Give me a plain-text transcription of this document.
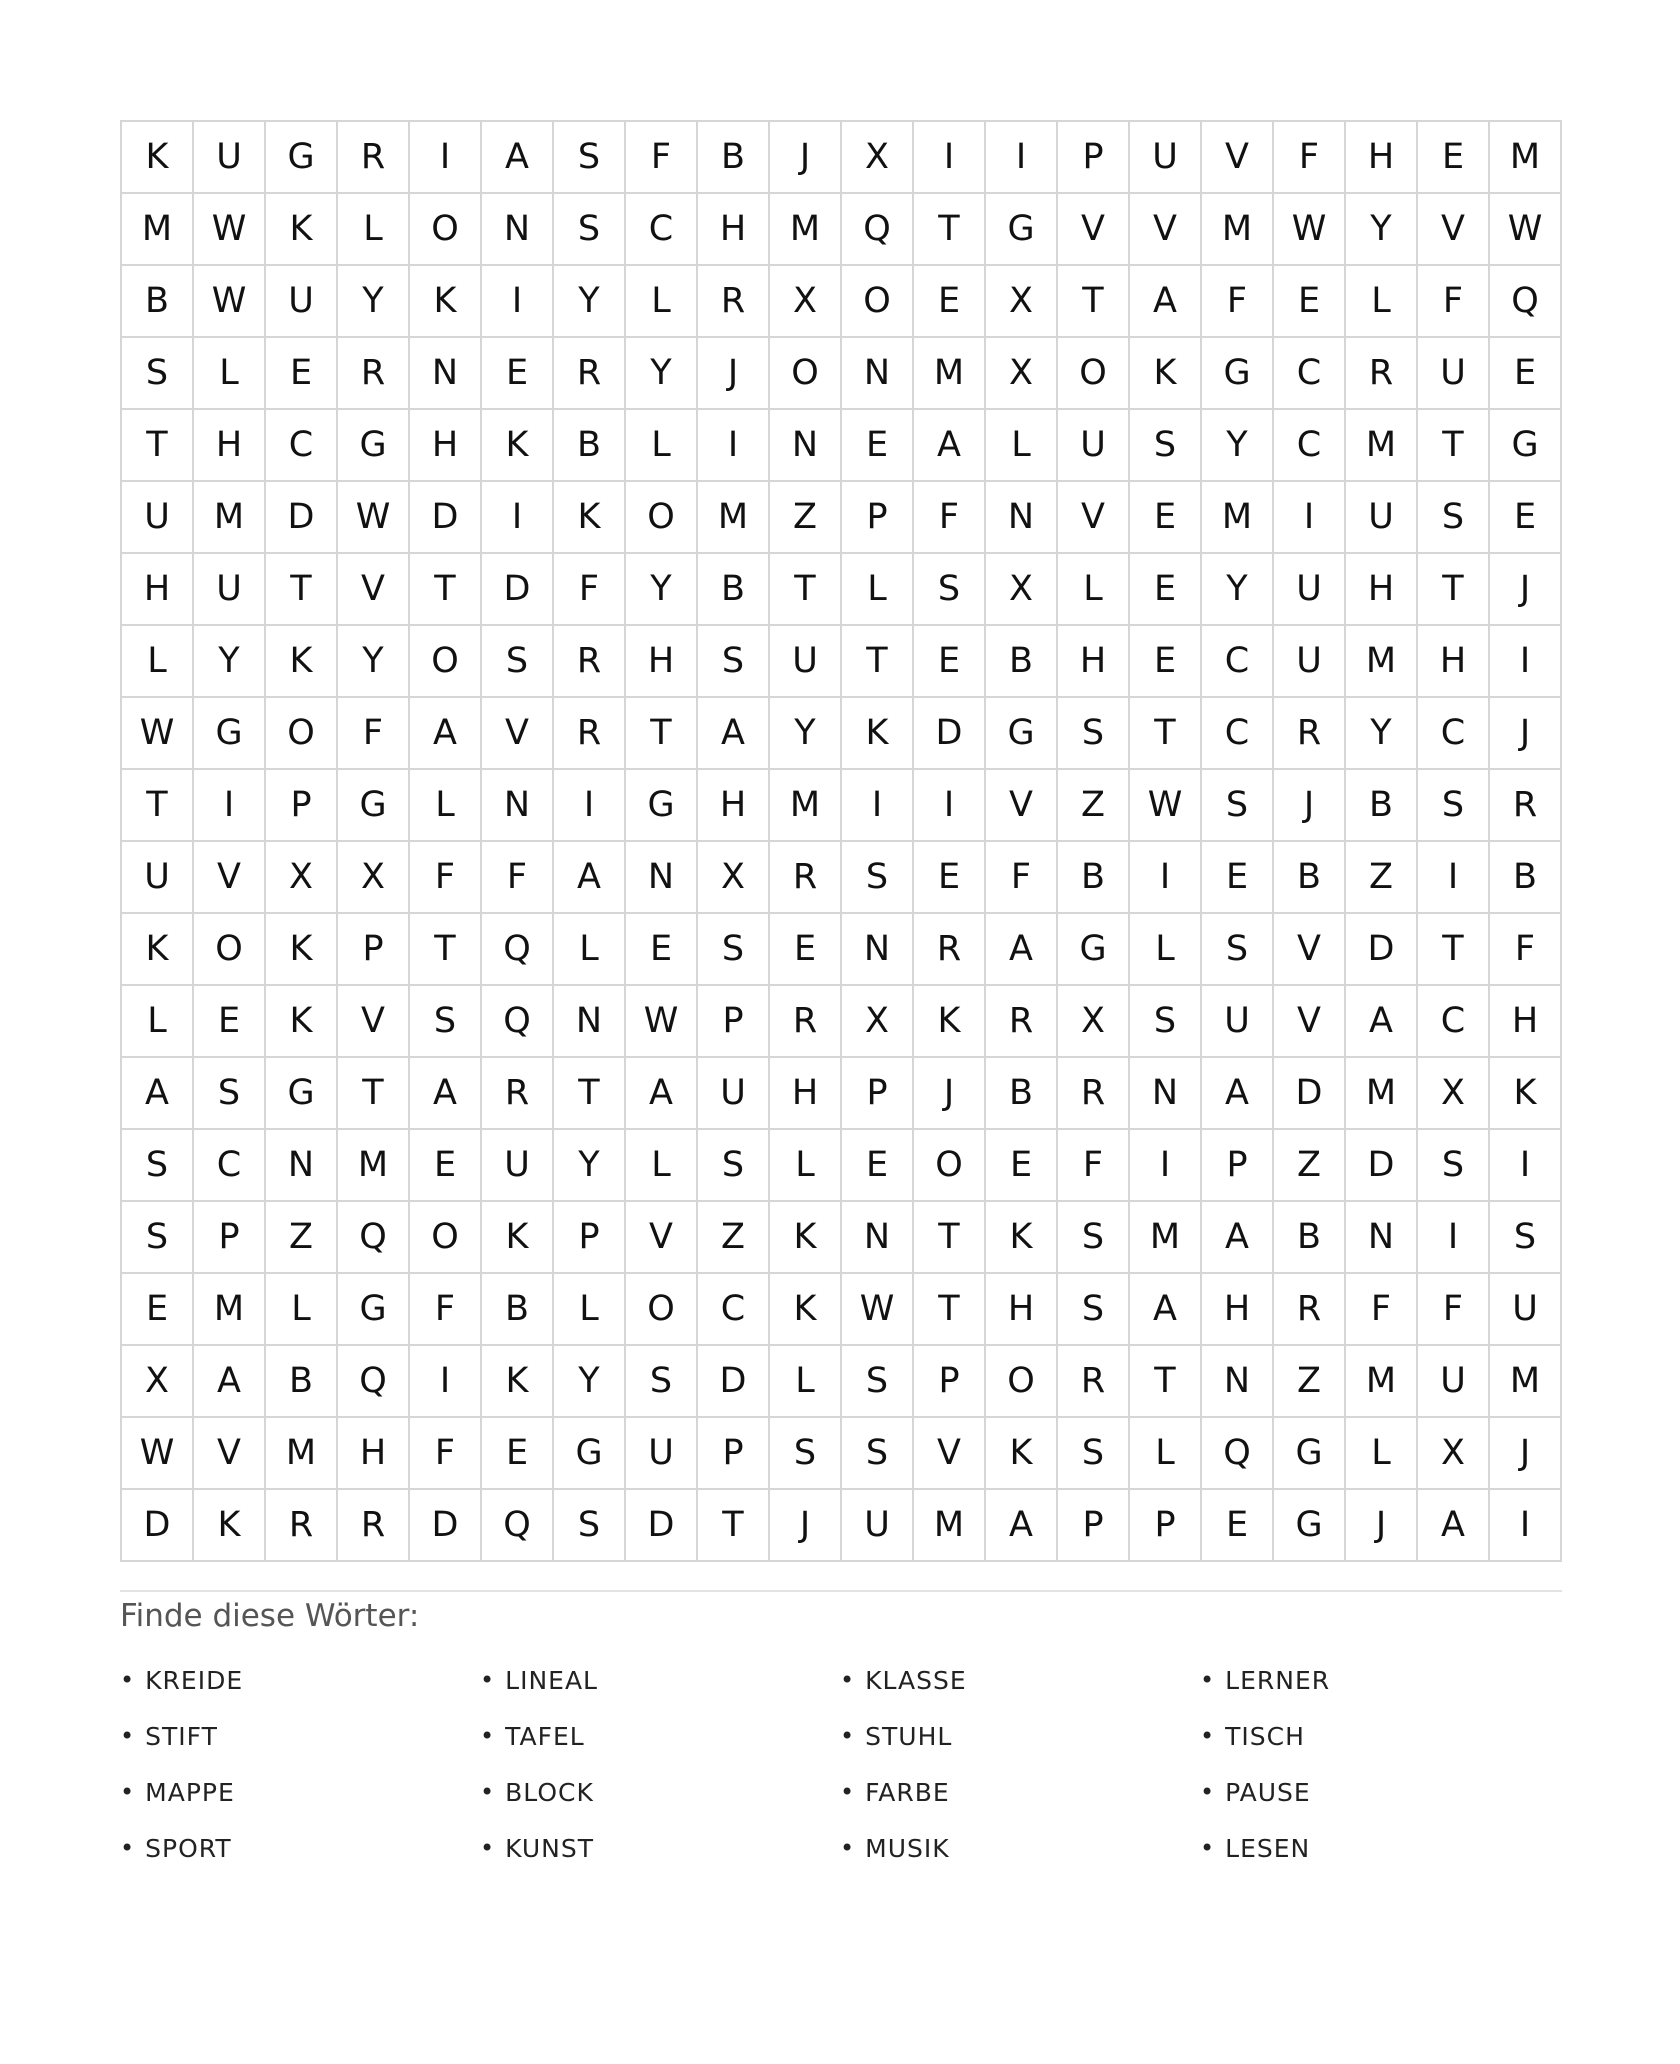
K	U	G	R	I	A	S	F	B	J	X	I	I	P	U	V	F	H	E	M
M	W	K	L	O	N	S	C	H	M	Q	T	G	V	V	M	W	Y	V	W
B	W	U	Y	K	I	Y	L	R	X	O	E	X	T	A	F	E	L	F	Q
S	L	E	R	N	E	R	Y	J	O	N	M	X	O	K	G	C	R	U	E
T	H	C	G	H	K	B	L	I	N	E	A	L	U	S	Y	C	M	T	G
U	M	D	W	D	I	K	O	M	Z	P	F	N	V	E	M	I	U	S	E
H	U	T	V	T	D	F	Y	B	T	L	S	X	L	E	Y	U	H	T	J
L	Y	K	Y	O	S	R	H	S	U	T	E	B	H	E	C	U	M	H	I
W	G	O	F	A	V	R	T	A	Y	K	D	G	S	T	C	R	Y	C	J
T	I	P	G	L	N	I	G	H	M	I	I	V	Z	W	S	J	B	S	R
U	V	X	X	F	F	A	N	X	R	S	E	F	B	I	E	B	Z	I	B
K	O	K	P	T	Q	L	E	S	E	N	R	A	G	L	S	V	D	T	F
L	E	K	V	S	Q	N	W	P	R	X	K	R	X	S	U	V	A	C	H
A	S	G	T	A	R	T	A	U	H	P	J	B	R	N	A	D	M	X	K
S	C	N	M	E	U	Y	L	S	L	E	O	E	F	I	P	Z	D	S	I
S	P	Z	Q	O	K	P	V	Z	K	N	T	K	S	M	A	B	N	I	S
E	M	L	G	F	B	L	O	C	K	W	T	H	S	A	H	R	F	F	U
X	A	B	Q	I	K	Y	S	D	L	S	P	O	R	T	N	Z	M	U	M
W	V	M	H	F	E	G	U	P	S	S	V	K	S	L	Q	G	L	X	J
D	K	R	R	D	Q	S	D	T	J	U	M	A	P	P	E	G	J	A	I
Finde diese Wörter:
• KREIDE	• LINEAL	• KLASSE	• LERNER
• STIFT	• TAFEL	• STUHL	• TISCH
• MAPPE	• BLOCK	• FARBE	• PAUSE
• SPORT	• KUNST	• MUSIK	• LESEN
